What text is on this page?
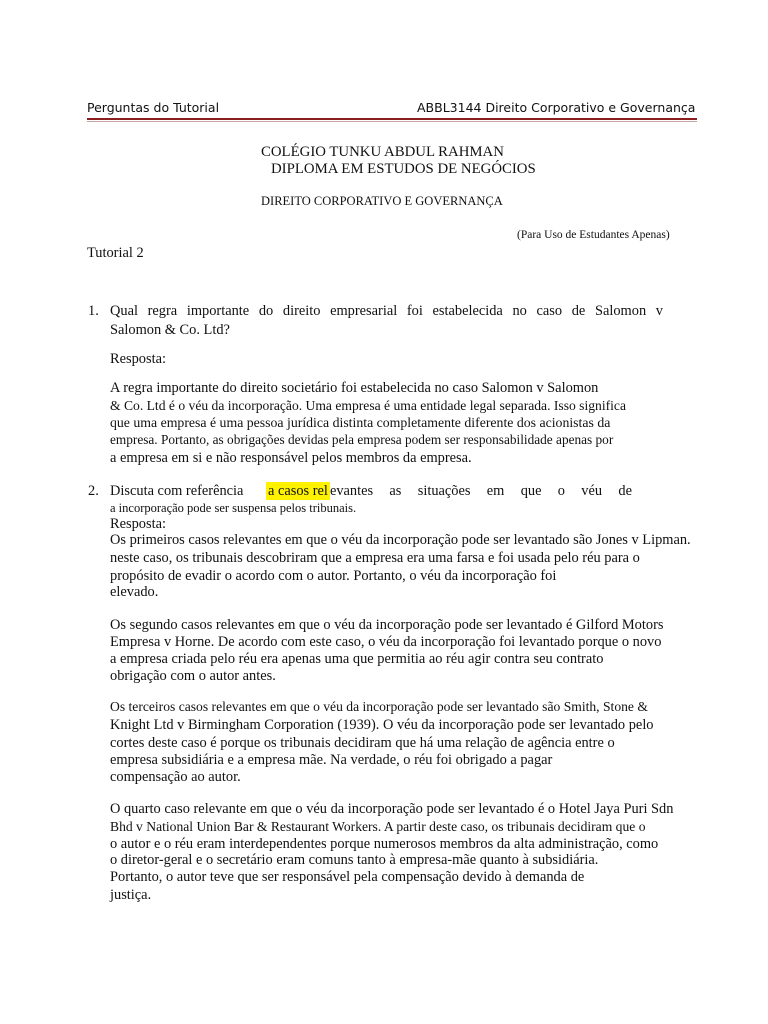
Perguntas do Tutorial	ABBL3144 Direito Corporativo e Governança
COLÉGIO TUNKU ABDUL RAHMAN
DIPLOMA EM ESTUDOS DE NEGÓCIOS
DIREITO CORPORATIVO E GOVERNANÇA
(Para Uso de Estudantes Apenas)
Tutorial 2
1. Qual regra importante do direito empresarial foi estabelecida no caso de Salomon v
Salomon & Co. Ltd?
Resposta:
A regra importante do direito societário foi estabelecida no caso Salomon v Salomon
& Co. Ltd é o véu da incorporação. Uma empresa é uma entidade legal separada. Isso significa
que uma empresa é uma pessoa jurídica distinta completamente diferente dos acionistas da
empresa. Portanto, as obrigações devidas pela empresa podem ser responsabilidade apenas por
a empresa em si e não responsável pelos membros da empresa.
2. Discuta com referência a casos rel evantes as situações em que o véu de
a incorporação pode ser suspensa pelos tribunais.
Resposta:
Os primeiros casos relevantes em que o véu da incorporação pode ser levantado são Jones v Lipman.
neste caso, os tribunais descobriram que a empresa era uma farsa e foi usada pelo réu para o
propósito de evadir o acordo com o autor. Portanto, o véu da incorporação foi
elevado.
Os segundo casos relevantes em que o véu da incorporação pode ser levantado é Gilford Motors
Empresa v Horne. De acordo com este caso, o véu da incorporação foi levantado porque o novo
a empresa criada pelo réu era apenas uma que permitia ao réu agir contra seu contrato
obrigação com o autor antes.
Os terceiros casos relevantes em que o véu da incorporação pode ser levantado são Smith, Stone &
Knight Ltd v Birmingham Corporation (1939). O véu da incorporação pode ser levantado pelo
cortes deste caso é porque os tribunais decidiram que há uma relação de agência entre o
empresa subsidiária e a empresa mãe. Na verdade, o réu foi obrigado a pagar
compensação ao autor.
O quarto caso relevante em que o véu da incorporação pode ser levantado é o Hotel Jaya Puri Sdn
Bhd v National Union Bar & Restaurant Workers. A partir deste caso, os tribunais decidiram que o
o autor e o réu eram interdependentes porque numerosos membros da alta administração, como
o diretor-geral e o secretário eram comuns tanto à empresa-mãe quanto à subsidiária.
Portanto, o autor teve que ser responsável pela compensação devido à demanda de
justiça.
